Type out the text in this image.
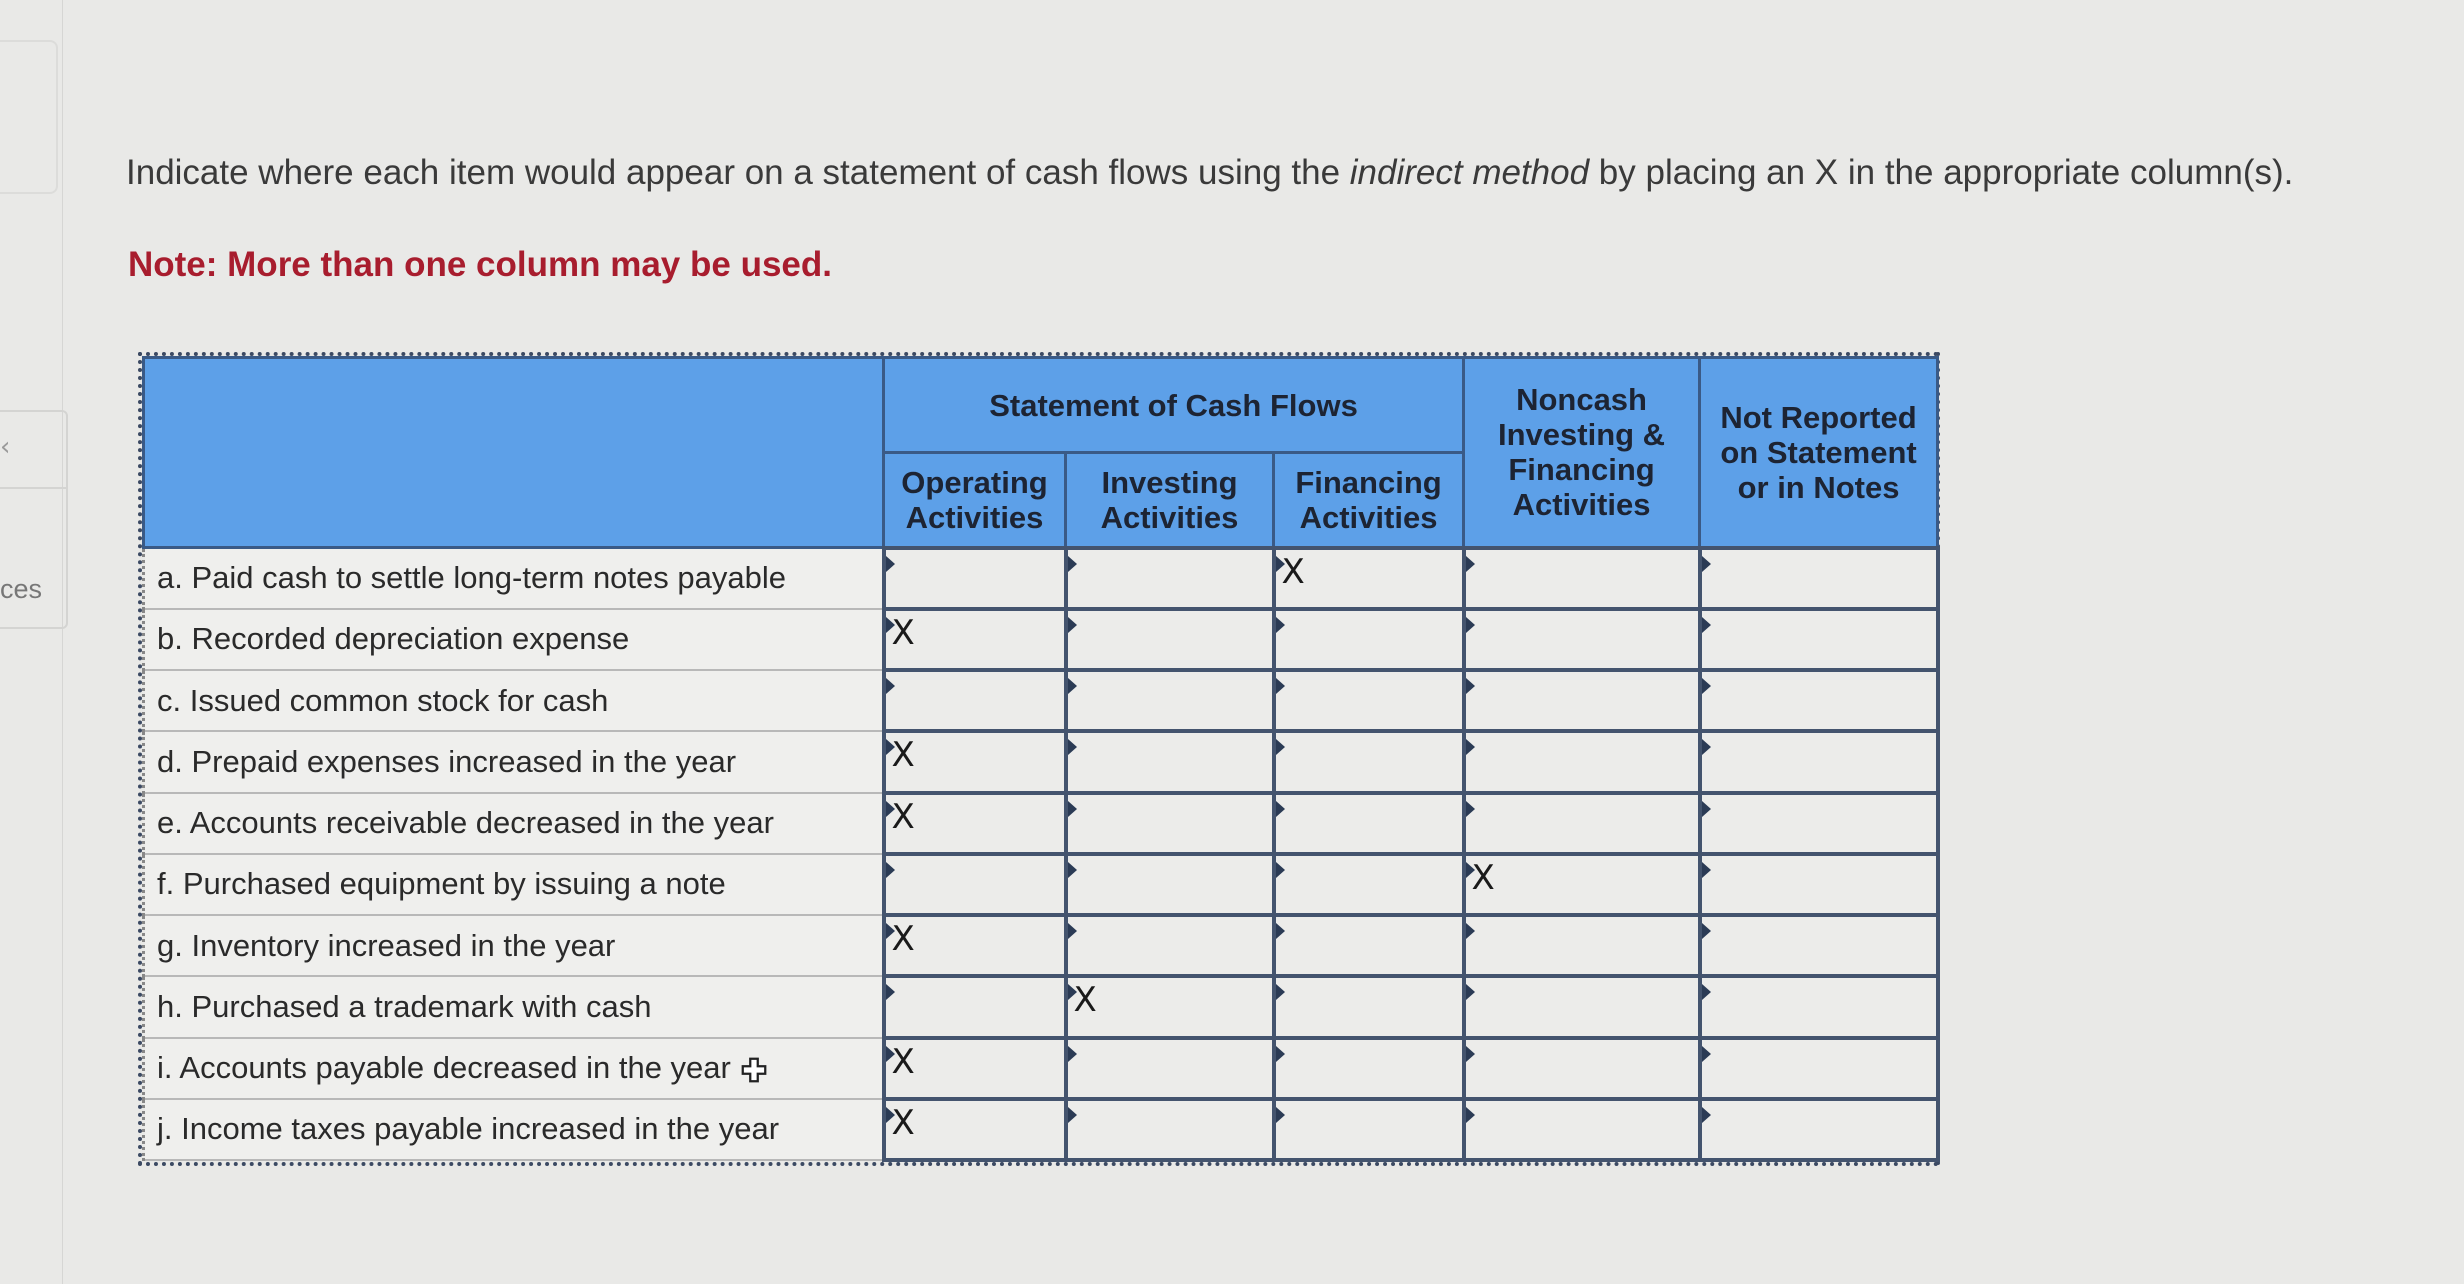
‹
ces
Indicate where each item would appear on a statement of cash flows using the indirect method by placing an X in the appropriate column(s).
Note: More than one column may be used.
	Statement of Cash Flows			Noncash Investing & Financing Activities	Not Reported on Statement or in Notes
	Operating Activities	Investing Activities	Financing Activities		
a. Paid cash to settle long-term notes payable			X		

b. Recorded depreciation expense	X				

c. Issued common stock for cash	

d. Prepaid expenses increased in the year	X				

e. Accounts receivable decreased in the year	X				

f. Purchased equipment by issuing a note				X	

g. Inventory increased in the year	X				

h. Purchased a trademark with cash		X			

i. Accounts payable decreased in the year	X				

j. Income taxes payable increased in the year	X				
